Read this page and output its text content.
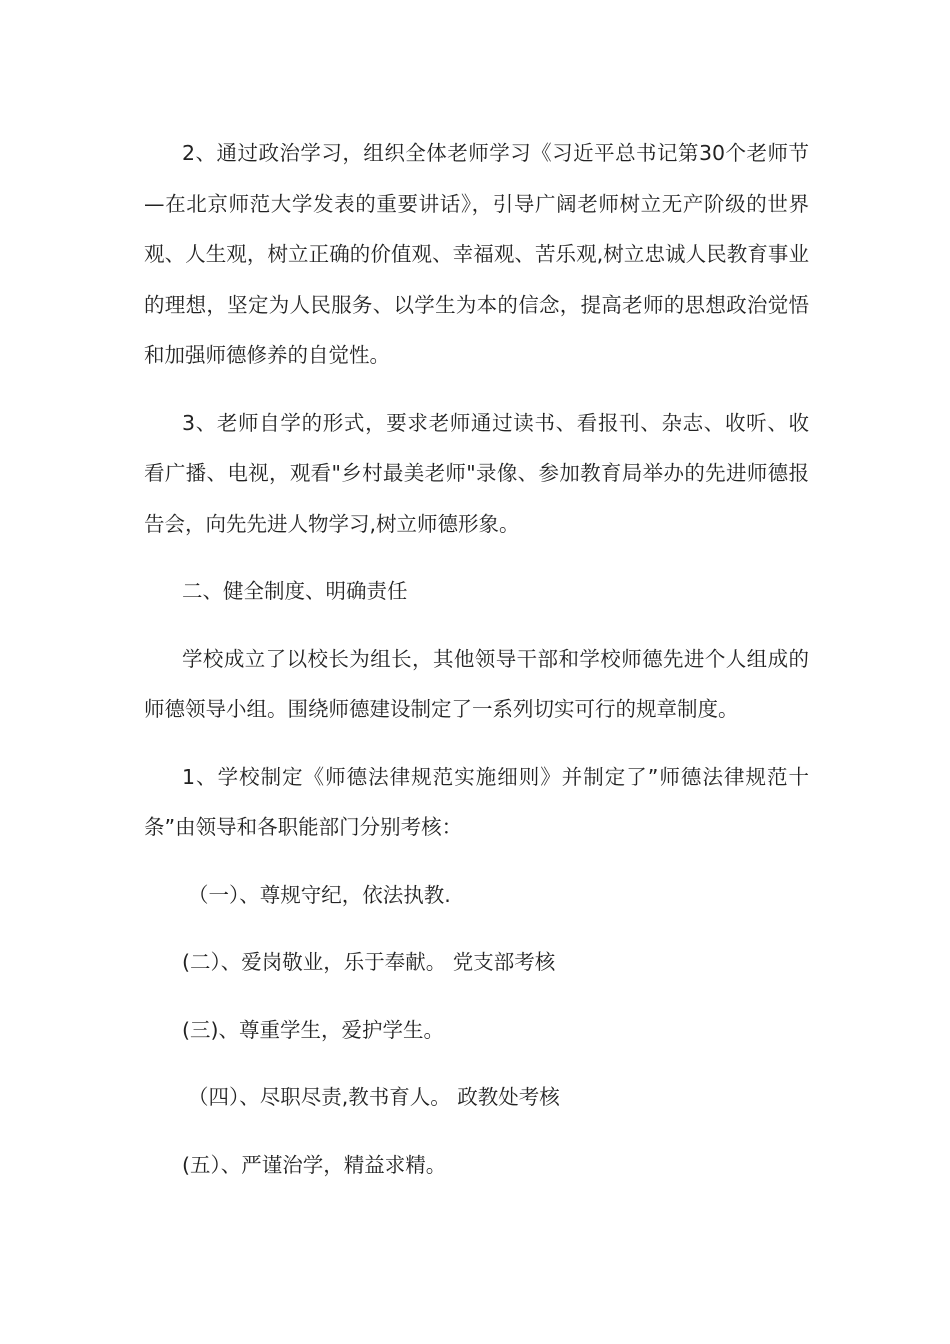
2、通过政治学习，组织全体老师学习《习近平总书记第30个老师节—在北京师范大学发表的重要讲话》，引导广阔老师树立无产阶级的世界观、人生观，树立正确的价值观、幸福观、苦乐观,树立忠诚人民教育事业的理想，坚定为人民服务、以学生为本的信念，提高老师的思想政治觉悟和加强师德修养的自觉性。

3、老师自学的形式，要求老师通过读书、看报刊、杂志、收听、收看广播、电视，观看"乡村最美老师"录像、参加教育局举办的先进师德报告会，向先先进人物学习,树立师德形象。

二、健全制度、明确责任

学校成立了以校长为组长，其他领导干部和学校师德先进个人组成的师德领导小组。围绕师德建设制定了一系列切实可行的规章制度。

1、学校制定《师德法律规范实施细则》并制定了”师德法律规范十条”由领导和各职能部门分别考核：

（一）、尊规守纪，依法执教.

(二）、爱岗敬业，乐于奉献。 党支部考核

(三)、尊重学生，爱护学生。

（四）、尽职尽责,教书育人。 政教处考核

(五）、严谨治学，精益求精。
